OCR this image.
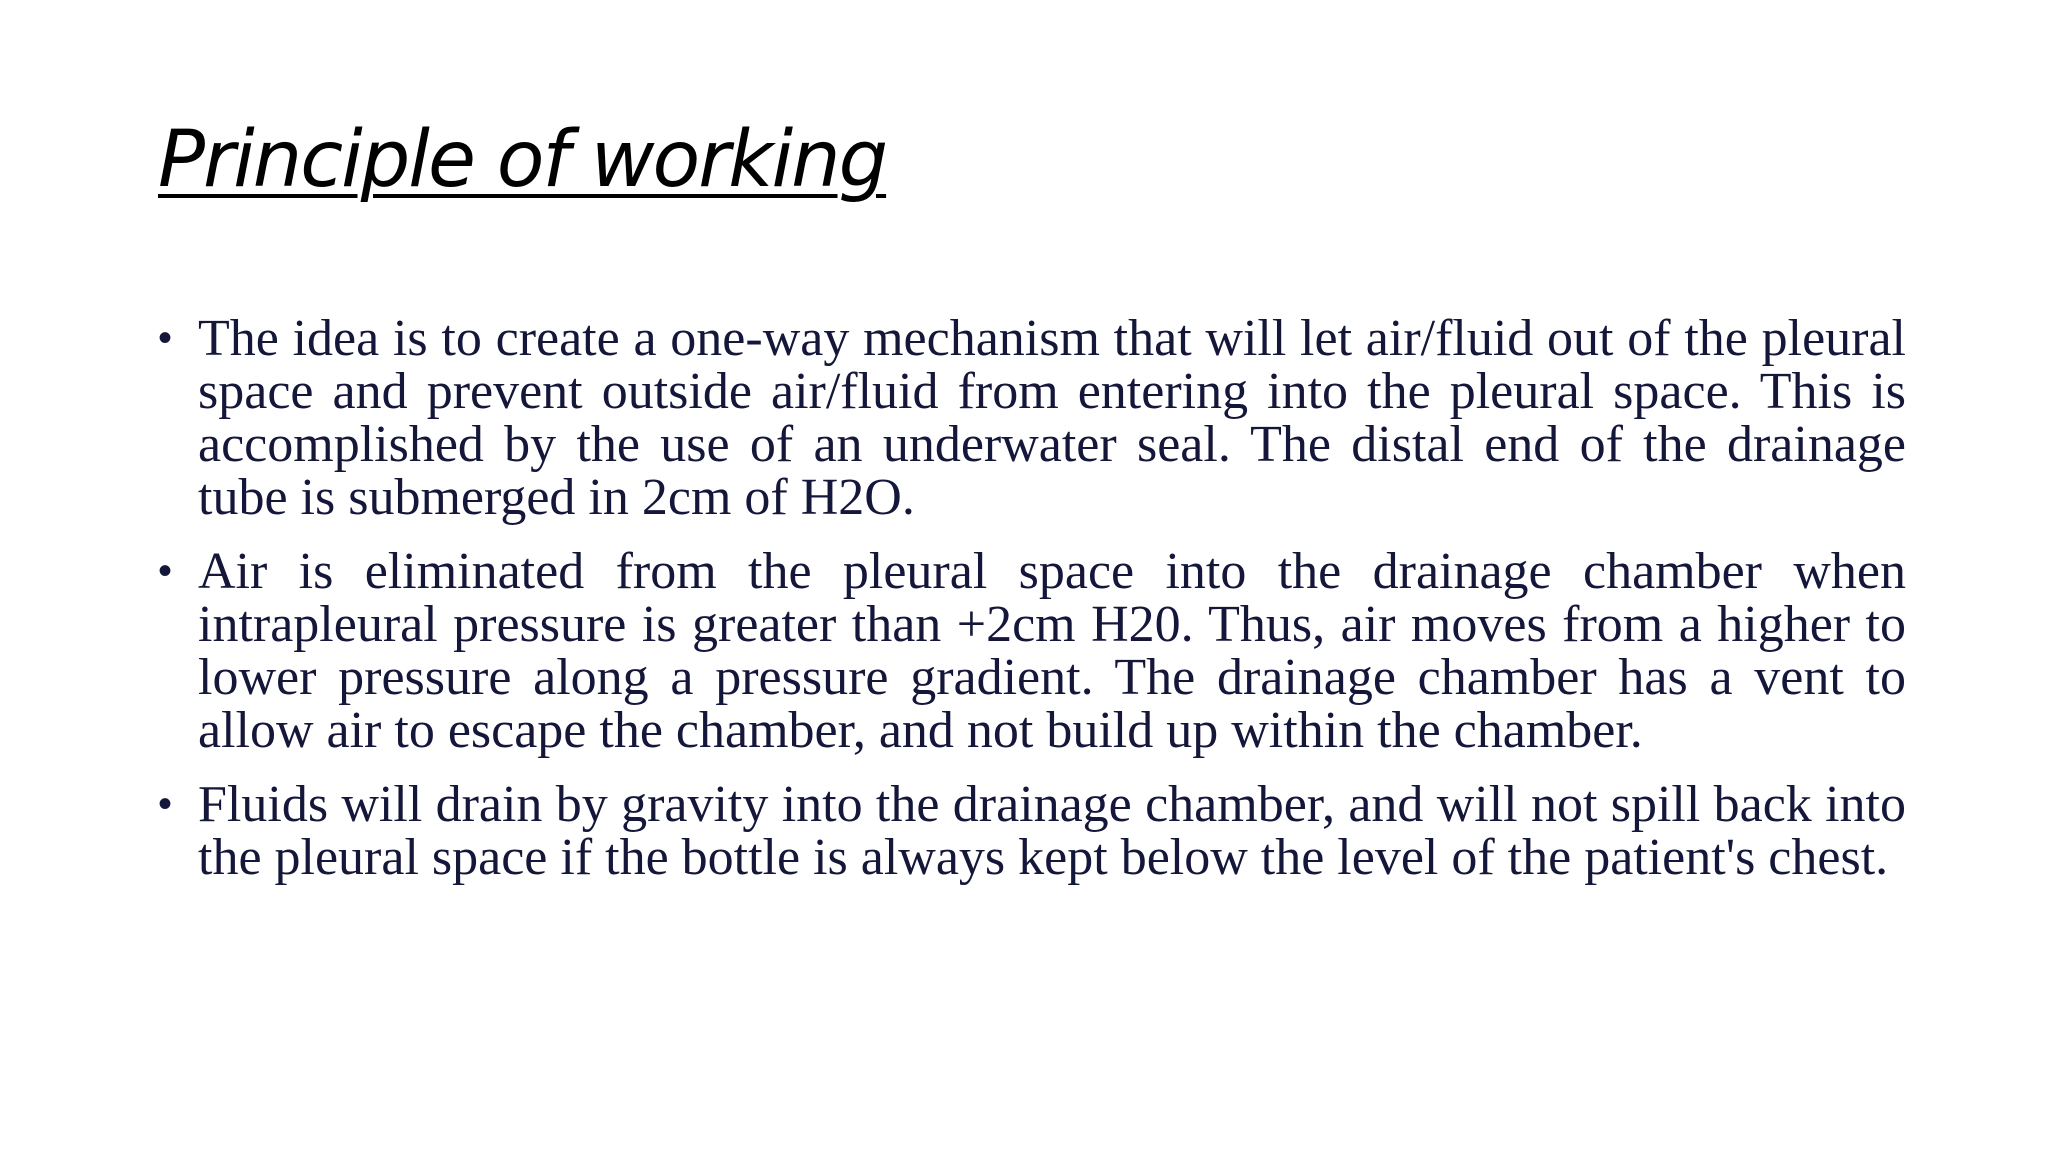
Principle of working
• The idea is to create a one-way mechanism that will let air/fluid out of the pleural space and prevent outside air/fluid from entering into the pleural space. This is accomplished by the use of an underwater seal. The distal end of the drainage tube is submerged in 2cm of H2O.
• Air is eliminated from the pleural space into the drainage chamber when intrapleural pressure is greater than +2cm H20. Thus, air moves from a higher to lower pressure along a pressure gradient. The drainage chamber has a vent to allow air to escape the chamber, and not build up within the chamber.
• Fluids will drain by gravity into the drainage chamber, and will not spill back into the pleural space if the bottle is always kept below the level of the patient's chest.
